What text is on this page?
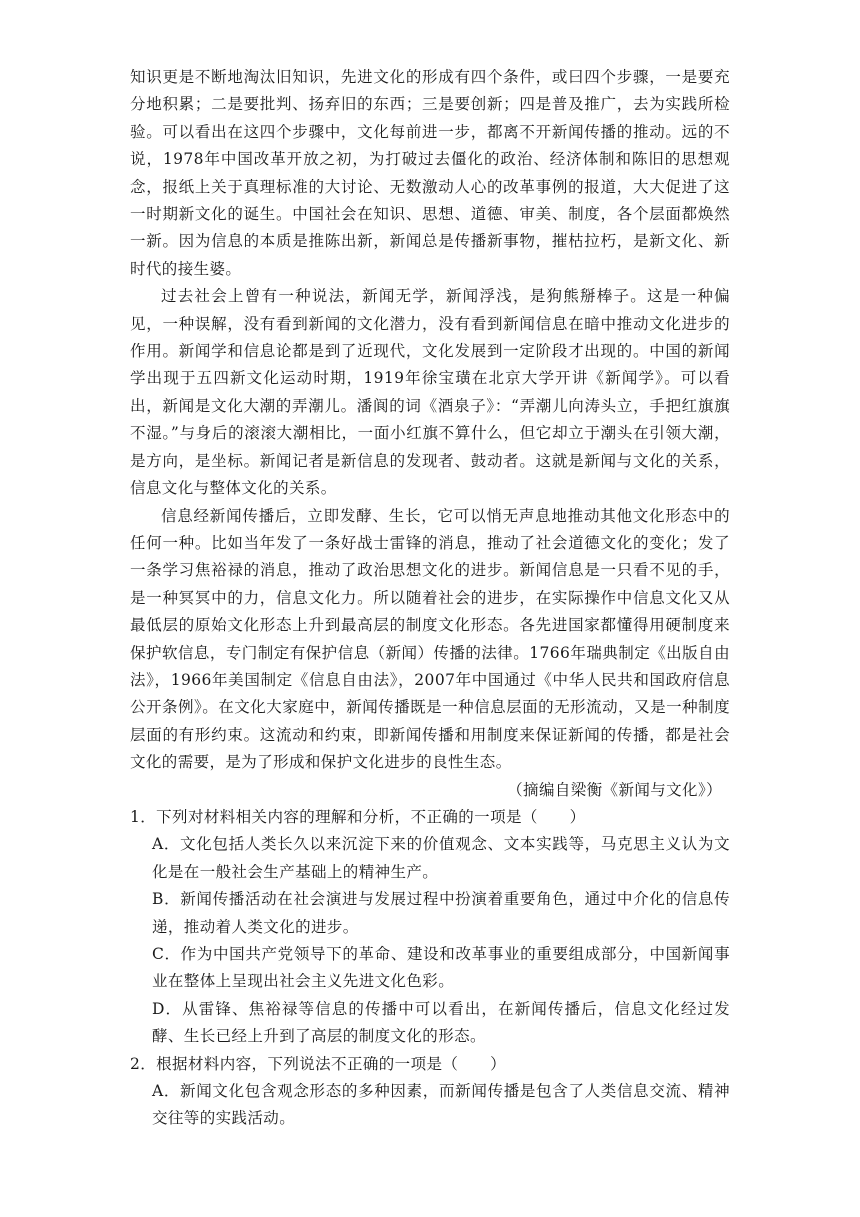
知识更是不断地淘汰旧知识，先进文化的形成有四个条件，或曰四个步骤，一是要充分地积累；二是要批判、扬弃旧的东西；三是要创新；四是普及推广，去为实践所检验。可以看出在这四个步骤中，文化每前进一步，都离不开新闻传播的推动。远的不说，1978年中国改革开放之初，为打破过去僵化的政治、经济体制和陈旧的思想观念，报纸上关于真理标准的大讨论、无数激动人心的改革事例的报道，大大促进了这一时期新文化的诞生。中国社会在知识、思想、道德、审美、制度，各个层面都焕然一新。因为信息的本质是推陈出新，新闻总是传播新事物，摧枯拉朽，是新文化、新时代的接生婆。

过去社会上曾有一种说法，新闻无学，新闻浮浅，是狗熊掰棒子。这是一种偏见，一种误解，没有看到新闻的文化潜力，没有看到新闻信息在暗中推动文化进步的作用。新闻学和信息论都是到了近现代，文化发展到一定阶段才出现的。中国的新闻学出现于五四新文化运动时期，1919年徐宝璜在北京大学开讲《新闻学》。可以看出，新闻是文化大潮的弄潮儿。潘阆的词《酒泉子》：“弄潮儿向涛头立，手把红旗旗不湿。”与身后的滚滚大潮相比，一面小红旗不算什么，但它却立于潮头在引领大潮，是方向，是坐标。新闻记者是新信息的发现者、鼓动者。这就是新闻与文化的关系，信息文化与整体文化的关系。

信息经新闻传播后，立即发酵、生长，它可以悄无声息地推动其他文化形态中的任何一种。比如当年发了一条好战士雷锋的消息，推动了社会道德文化的变化；发了一条学习焦裕禄的消息，推动了政治思想文化的进步。新闻信息是一只看不见的手，是一种冥冥中的力，信息文化力。所以随着社会的进步，在实际操作中信息文化又从最低层的原始文化形态上升到最高层的制度文化形态。各先进国家都懂得用硬制度来保护软信息，专门制定有保护信息（新闻）传播的法律。1766年瑞典制定《出版自由法》，1966年美国制定《信息自由法》，2007年中国通过《中华人民共和国政府信息公开条例》。在文化大家庭中，新闻传播既是一种信息层面的无形流动，又是一种制度层面的有形约束。这流动和约束，即新闻传播和用制度来保证新闻的传播，都是社会文化的需要，是为了形成和保护文化进步的良性生态。

（摘编自梁衡《新闻与文化》）

1．下列对材料相关内容的理解和分析，不正确的一项是（　　）

A．文化包括人类长久以来沉淀下来的价值观念、文本实践等，马克思主义认为文化是在一般社会生产基础上的精神生产。

B．新闻传播活动在社会演进与发展过程中扮演着重要角色，通过中介化的信息传递，推动着人类文化的进步。

C．作为中国共产党领导下的革命、建设和改革事业的重要组成部分，中国新闻事业在整体上呈现出社会主义先进文化色彩。

D．从雷锋、焦裕禄等信息的传播中可以看出，在新闻传播后，信息文化经过发酵、生长已经上升到了高层的制度文化的形态。

2．根据材料内容，下列说法不正确的一项是（　　）

A．新闻文化包含观念形态的多种因素，而新闻传播是包含了人类信息交流、精神交往等的实践活动。
